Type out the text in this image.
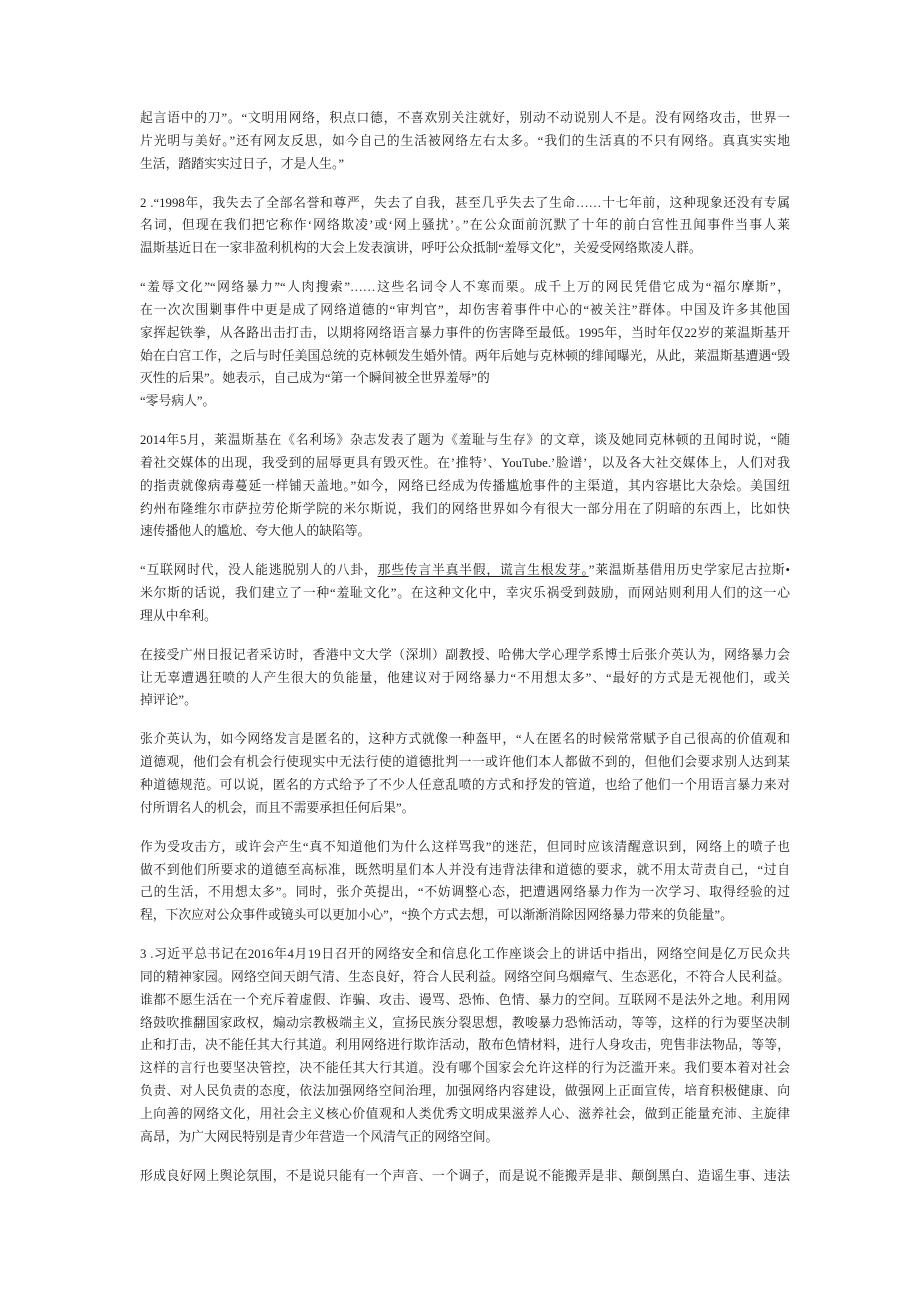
起言语中的刀”。“文明用网络，积点口德，不喜欢别关注就好，别动不动说别人不是。没有网络攻击，世界一
片光明与美好。”还有网友反思，如今自己的生活被网络左右太多。“我们的生活真的不只有网络。真真实实地
生活，踏踏实实过日子，才是人生。”
2 .“1998年，我失去了全部名誉和尊严，失去了自我，甚至几乎失去了生命……十七年前，这种现象还没有专属
名词，但现在我们把它称作‘网络欺凌’或‘网上骚扰’。”在公众面前沉默了十年的前白宫性丑闻事件当事人莱
温斯基近日在一家非盈利机构的大会上发表演讲，呼吁公众抵制“羞辱文化”，关爱受网络欺凌人群。
“羞辱文化”“网络暴力”“人肉搜索”……这些名词令人不寒而栗。成千上万的网民凭借它成为“福尔摩斯”，
在一次次围剿事件中更是成了网络道德的“审判官”，却伤害着事件中心的“被关注”群体。中国及许多其他国
家挥起铁拳，从各路出击打击，以期将网络语言暴力事件的伤害降至最低。1995年，当时年仅22岁的莱温斯基开
始在白宫工作，之后与时任美国总统的克林顿发生婚外情。两年后她与克林顿的绯闻曝光，从此，莱温斯基遭遇“毁
灭性的后果”。她表示，自己成为“第一个瞬间被全世界羞辱”的
“零号病人”。
2014年5月，莱温斯基在《名利场》杂志发表了题为《羞耻与生存》的文章，谈及她同克林顿的丑闻时说，“随
着社交媒体的出现，我受到的屈辱更具有毁灭性。在’推特’、YouTube.’脸谱’，以及各大社交媒体上，人们对我
的指责就像病毒蔓延一样铺天盖地。”如今，网络已经成为传播尴尬事件的主渠道，其内容堪比大杂烩。美国纽
约州布隆维尔市萨拉劳伦斯学院的米尔斯说，我们的网络世界如今有很大一部分用在了阴暗的东西上，比如快
速传播他人的尴尬、夸大他人的缺陷等。
“互联网时代，没人能逃脱别人的八卦，那些传言半真半假，谎言生根发芽。”莱温斯基借用历史学家尼古拉斯•
米尔斯的话说，我们建立了一种“羞耻文化”。在这种文化中，幸灾乐祸受到鼓励，而网站则利用人们的这一心
理从中牟利。
在接受广州日报记者采访时，香港中文大学（深圳）副教授、哈佛大学心理学系博士后张介英认为，网络暴力会
让无辜遭遇狂喷的人产生很大的负能量，他建议对于网络暴力“不用想太多”、“最好的方式是无视他们，或关
掉评论”。
张介英认为，如今网络发言是匿名的，这种方式就像一种盔甲，“人在匿名的时候常常赋予自己很高的价值观和
道德观，他们会有机会行使现实中无法行使的道德批判一一或许他们本人都做不到的，但他们会要求别人达到某
种道德规范。可以说，匿名的方式给予了不少人任意乱喷的方式和抒发的管道，也给了他们一个用语言暴力来对
付所谓名人的机会，而且不需要承担任何后果”。
作为受攻击方，或许会产生“真不知道他们为什么这样骂我”的迷茫，但同时应该清醒意识到，网络上的喷子也
做不到他们所要求的道德至高标准，既然明星们本人并没有违背法律和道德的要求，就不用太苛责自己，“过自
己的生活，不用想太多”。同时，张介英提出，“不妨调整心态，把遭遇网络暴力作为一次学习、取得经验的过
程，下次应对公众事件或镜头可以更加小心”，“换个方式去想，可以渐渐消除因网络暴力带来的负能量”。
3 .习近平总书记在2016年4月19日召开的网络安全和信息化工作座谈会上的讲话中指出，网络空间是亿万民众共
同的精神家园。网络空间天朗气清、生态良好，符合人民利益。网络空间乌烟瘴气、生态恶化，不符合人民利益。
谁都不愿生活在一个充斥着虚假、诈骗、攻击、谩骂、恐怖、色情、暴力的空间。互联网不是法外之地。利用网
络鼓吹推翻国家政权，煽动宗教极端主义，宣扬民族分裂思想，教唆暴力恐怖活动，等等，这样的行为要坚决制
止和打击，决不能任其大行其道。利用网络进行欺诈活动，散布色情材料，进行人身攻击，兜售非法物品，等等，
这样的言行也要坚决管控，决不能任其大行其道。没有哪个国家会允许这样的行为泛滥开来。我们要本着对社会
负责、对人民负责的态度，依法加强网络空间治理，加强网络内容建设，做强网上正面宣传，培育积极健康、向
上向善的网络文化，用社会主义核心价值观和人类优秀文明成果滋养人心、滋养社会，做到正能量充沛、主旋律
高昂，为广大网民特别是青少年营造一个风清气正的网络空间。
形成良好网上舆论氛围，不是说只能有一个声音、一个调子，而是说不能搬弄是非、颠倒黑白、造谣生事、违法
